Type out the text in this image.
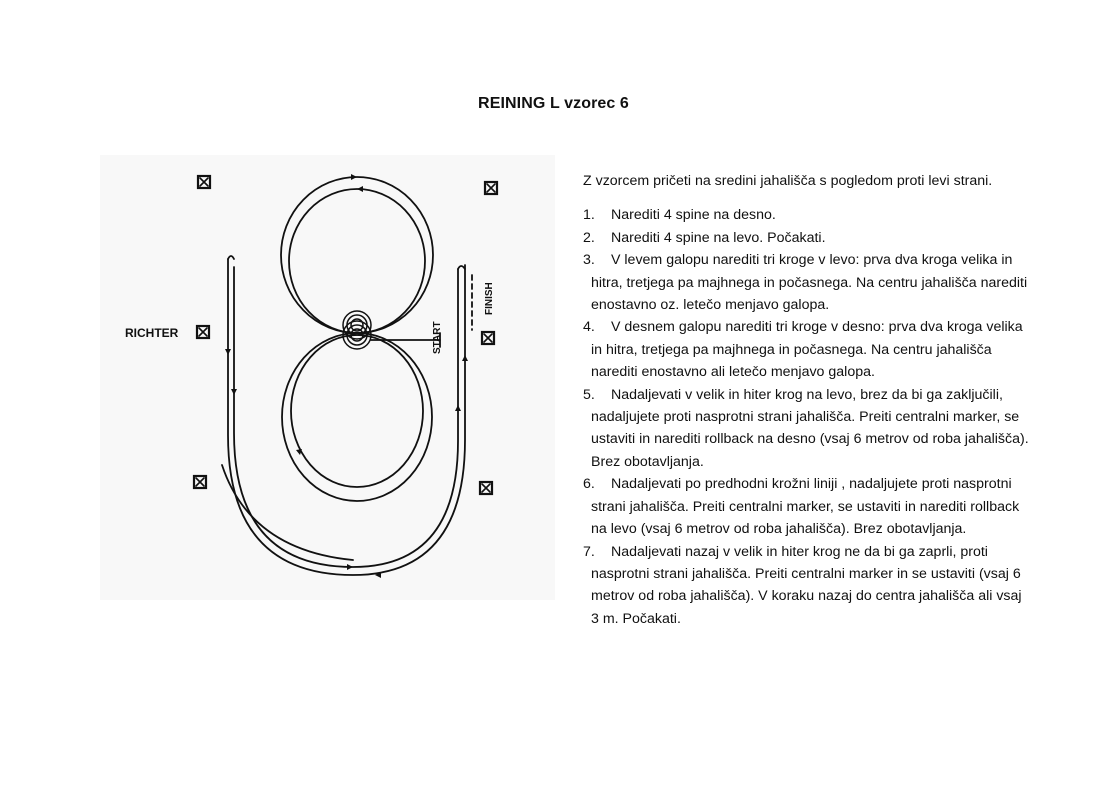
REINING L vzorec 6
RICHTER	START
FINISH

Z vzorcem pričeti na sredini jahališča s pogledom proti levi strani.

1. Narediti 4 spine na desno.
2. Narediti 4 spine na levo. Počakati.
3. V levem galopu narediti tri kroge v levo: prva dva kroga velika in hitra, tretjega pa majhnega in počasnega. Na centru jahališča narediti enostavno oz. letečo menjavo galopa.
4. V desnem galopu narediti tri kroge v desno: prva dva kroga velika in hitra, tretjega pa majhnega in počasnega. Na centru jahališča narediti enostavno ali letečo menjavo galopa.
5. Nadaljevati v velik in hiter krog na levo, brez da bi ga zaključili, nadaljujete proti nasprotni strani jahališča. Preiti centralni marker, se ustaviti in narediti rollback na desno (vsaj 6 metrov od roba jahališča). Brez obotavljanja.
6. Nadaljevati po predhodni krožni liniji , nadaljujete proti nasprotni strani jahališča. Preiti centralni marker, se ustaviti in narediti rollback na levo (vsaj 6 metrov od roba jahališča). Brez obotavljanja.
7. Nadaljevati nazaj v velik in hiter krog ne da bi ga zaprli, proti nasprotni strani jahališča. Preiti centralni marker in se ustaviti (vsaj 6 metrov od roba jahališča). V koraku nazaj do centra jahališča ali vsaj 3 m. Počakati.
